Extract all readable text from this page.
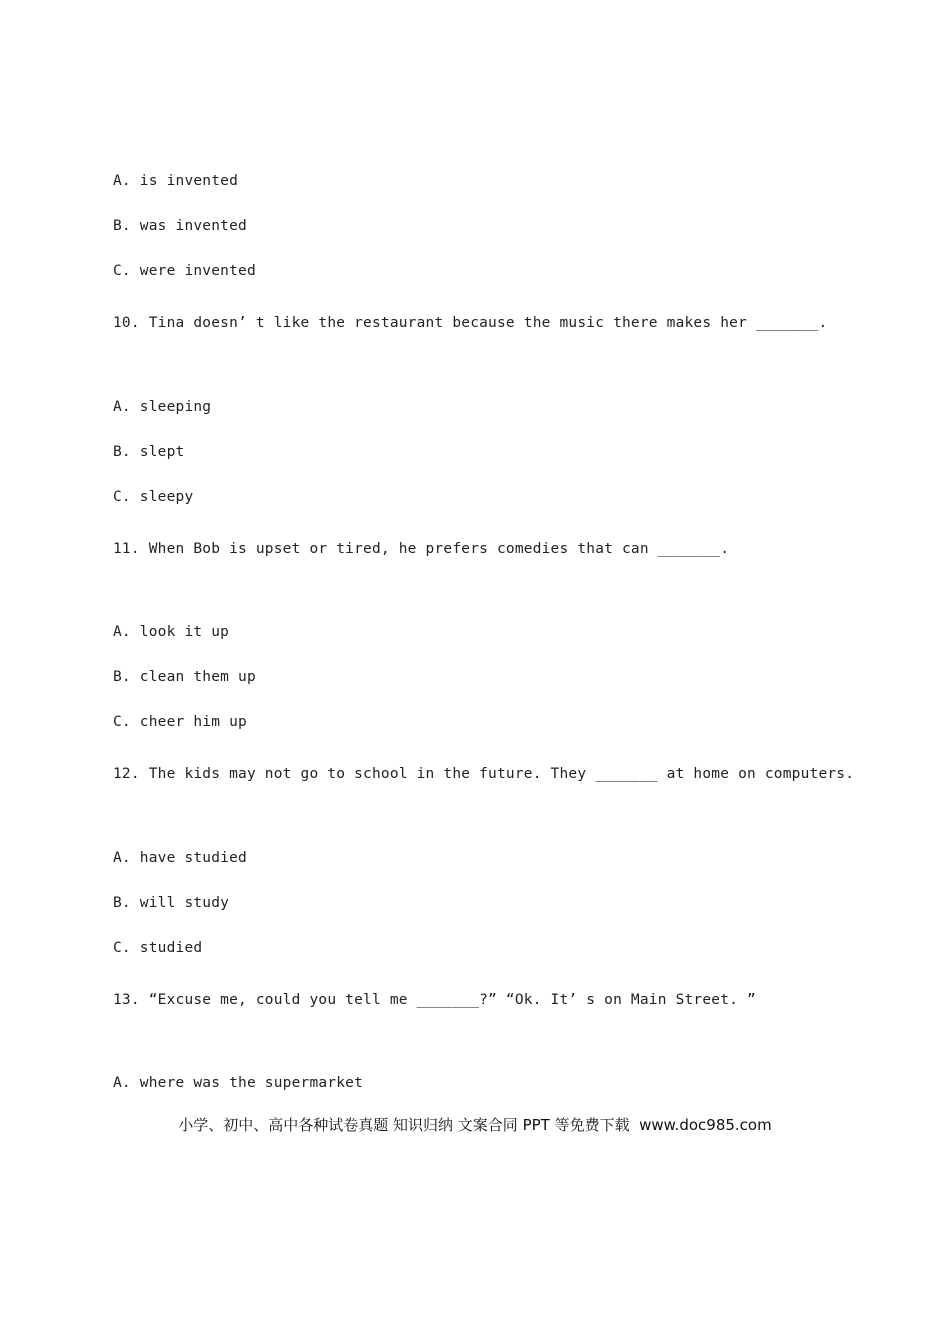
A. is invented
B. was invented
C. were invented
10. Tina doesn’ t like the restaurant because the music there makes her _______.
A. sleeping
B. slept
C. sleepy
11. When Bob is upset or tired, he prefers comedies that can _______.
A. look it up
B. clean them up
C. cheer him up
12. The kids may not go to school in the future. They _______ at home on computers.
A. have studied
B. will study
C. studied
13. “Excuse me, could you tell me _______?” “Ok. It’ s on Main Street. ”
A. where was the supermarket
小学、初中、高中各种试卷真题 知识归纳 文案合同 PPT 等免费下载  www.doc985.com
